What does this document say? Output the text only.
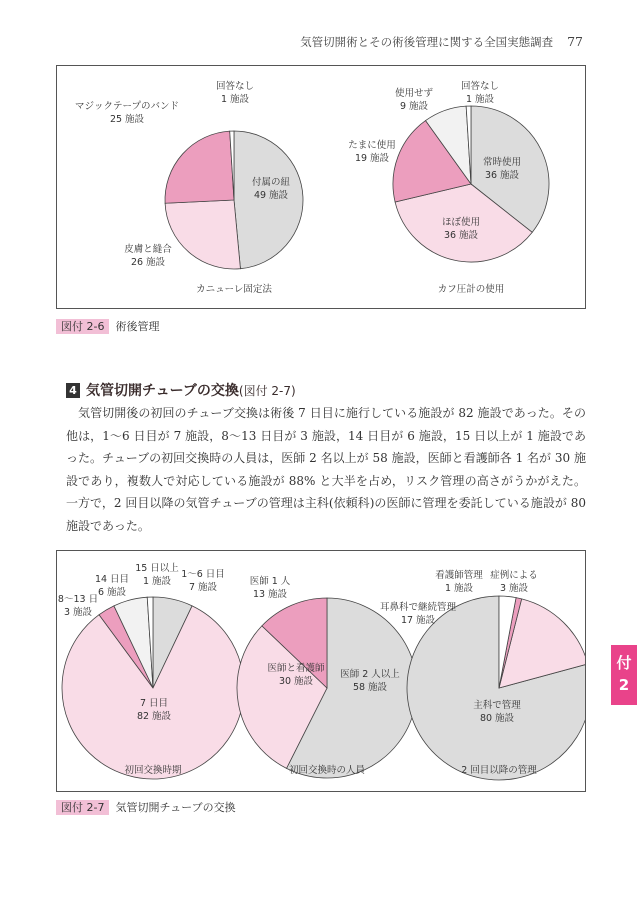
気管切開術とその術後管理に関する全国実態調査 77
付属の紐
49 施設
皮膚と縫合
26 施設
マジックテープのバンド
25 施設
回答なし
1 施設
カニューレ固定法
常時使用
36 施設
ほぼ使用
36 施設
たまに使用
19 施設
使用せず
9 施設
回答なし
1 施設
カフ圧計の使用
図付 2-6 術後管理
4 気管切開チューブの交換(図付 2-7)

気管切開後の初回のチューブ交換は術後 7 日目に施行している施設が 82 施設であった。その他は，1〜6 日目が 7 施設，8〜13 日目が 3 施設，14 日目が 6 施設，15 日以上が 1 施設であった。チューブの初回交換時の人員は，医師 2 名以上が 58 施設，医師と看護師各 1 名が 30 施設であり，複数人で対応している施設が 88% と大半を占め，リスク管理の高さがうかがえた。一方で，2 回目以降の気管チューブの管理は主科(依頼科)の医師に管理を委託している施設が 80 施設であった。

1〜6 日目
7 施設
7 日目
82 施設
8〜13 日
3 施設
14 日目
6 施設
15 日以上
1 施設
初回交換時期
医師 2 人以上
58 施設
医師と看護師
30 施設
医師 1 人
13 施設
初回交換時の人員
主科で管理
80 施設
耳鼻科で継続管理
17 施設
看護師管理
1 施設
症例による
3 施設
2 回目以降の管理
図付 2-7 気管切開チューブの交換
付
2
